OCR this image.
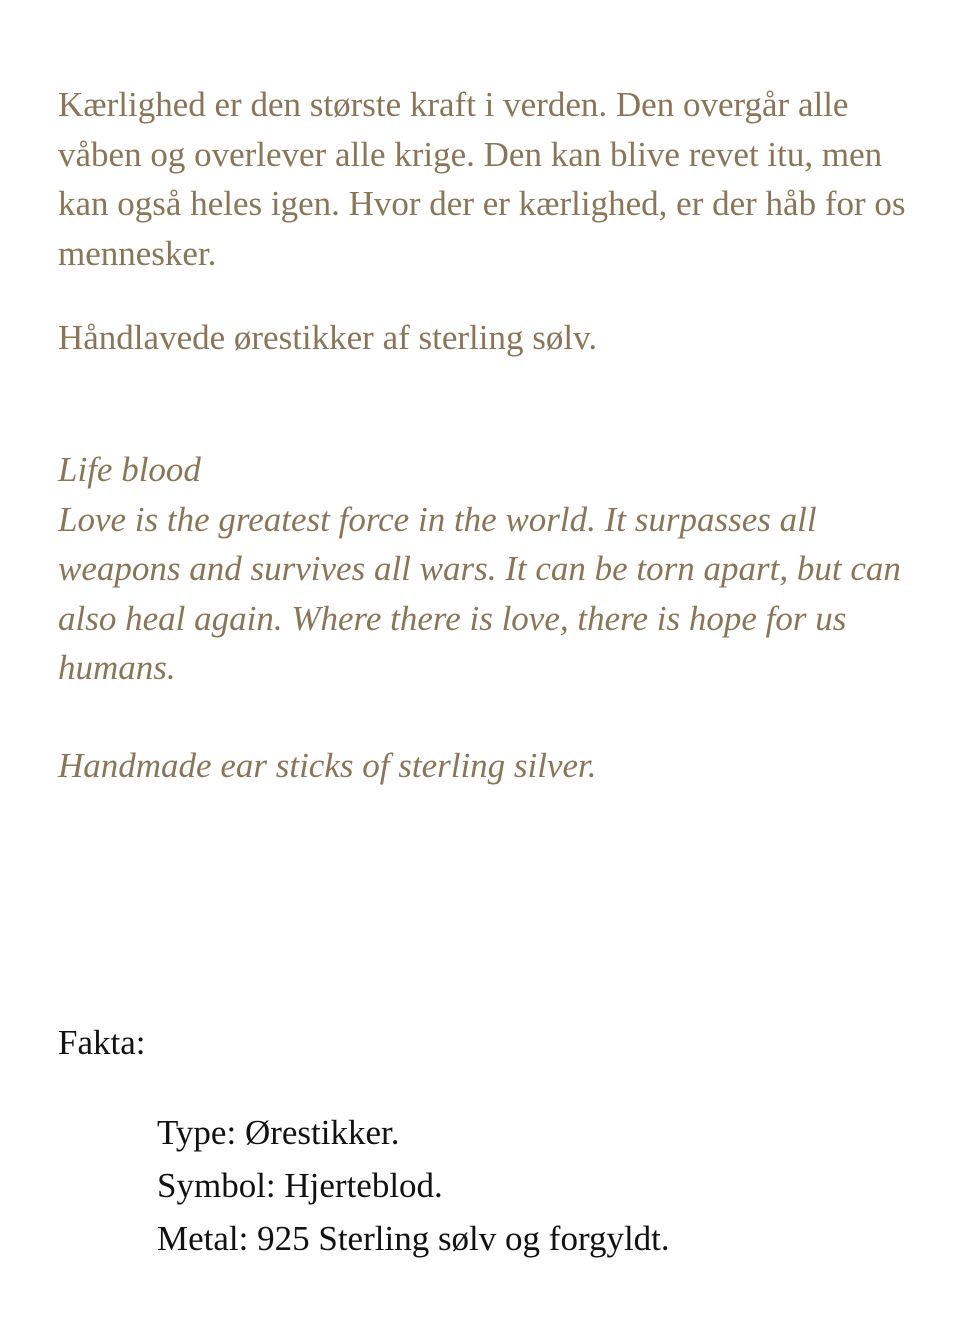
Kærlighed er den største kraft i verden. Den overgår alle våben og overlever alle krige. Den kan blive revet itu, men kan også heles igen. Hvor der er kærlighed, er der håb for os mennesker.

Håndlavede ørestikker af sterling sølv.

Life blood
Love is the greatest force in the world. It surpasses all weapons and survives all wars. It can be torn apart, but can also heal again. Where there is love, there is hope for us humans.
Handmade ear sticks of sterling silver.
Fakta:
Type: Ørestikker.
Symbol: Hjerteblod.
Metal: 925 Sterling sølv og forgyldt.
